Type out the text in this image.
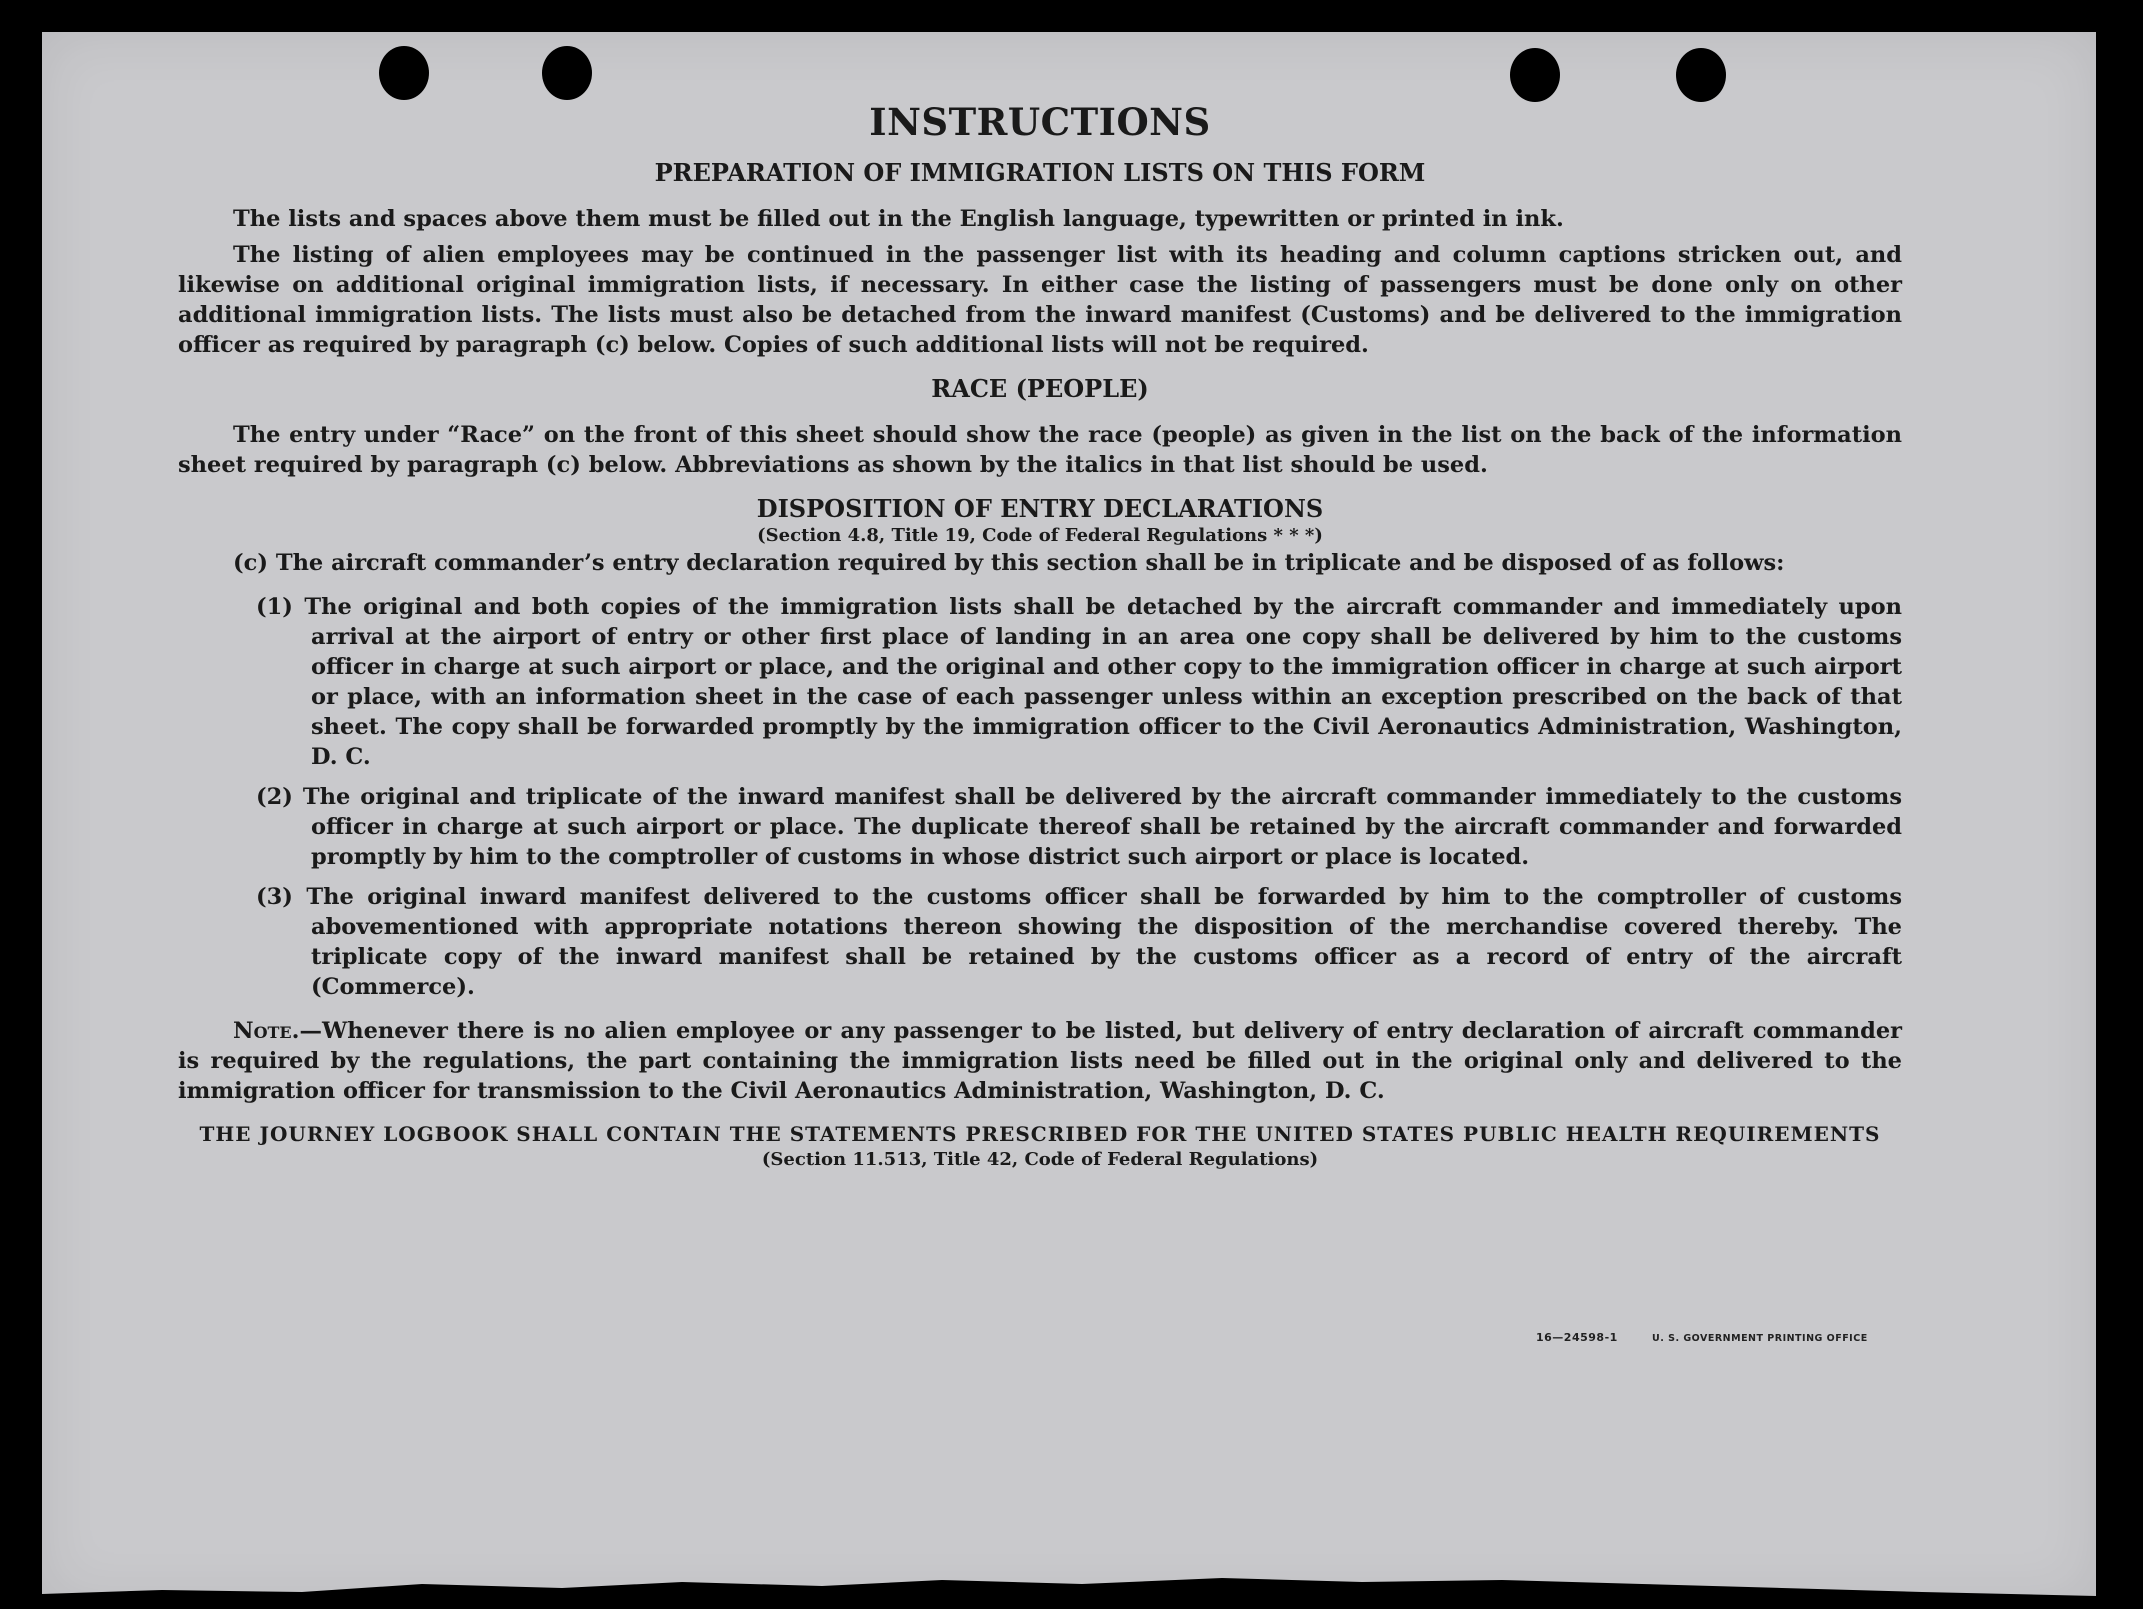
INSTRUCTIONS
PREPARATION OF IMMIGRATION LISTS ON THIS FORM

The lists and spaces above them must be filled out in the English language, typewritten or printed in ink.

The listing of alien employees may be continued in the passenger list with its heading and column captions stricken out, and likewise on additional original immigration lists, if necessary. In either case the listing of passengers must be done only on other additional immigration lists. The lists must also be detached from the inward manifest (Customs) and be delivered to the immigration officer as required by paragraph (c) below. Copies of such additional lists will not be required.

RACE (PEOPLE)

The entry under “Race” on the front of this sheet should show the race (people) as given in the list on the back of the information sheet required by paragraph (c) below. Abbreviations as shown by the italics in that list should be used.

DISPOSITION OF ENTRY DECLARATIONS
(Section 4.8, Title 19, Code of Federal Regulations * * *)
(c) The aircraft commander’s entry declaration required by this section shall be in triplicate and be disposed of as follows:
(1) The original and both copies of the immigration lists shall be detached by the aircraft commander and immediately upon arrival at the airport of entry or other first place of landing in an area one copy shall be delivered by him to the customs officer in charge at such airport or place, and the original and other copy to the immigration officer in charge at such airport or place, with an information sheet in the case of each passenger unless within an exception prescribed on the back of that sheet. The copy shall be forwarded promptly by the immigration officer to the Civil Aeronautics Administration, Washington, D. C.
(2) The original and triplicate of the inward manifest shall be delivered by the aircraft commander immediately to the customs officer in charge at such airport or place. The duplicate thereof shall be retained by the aircraft commander and forwarded promptly by him to the comptroller of customs in whose district such airport or place is located.
(3) The original inward manifest delivered to the customs officer shall be forwarded by him to the comptroller of customs abovementioned with appropriate notations thereon showing the disposition of the merchandise covered thereby. The triplicate copy of the inward manifest shall be retained by the customs officer as a record of entry of the aircraft (Commerce).

Note.—Whenever there is no alien employee or any passenger to be listed, but delivery of entry declaration of aircraft commander is required by the regulations, the part containing the immigration lists need be filled out in the original only and delivered to the immigration officer for transmission to the Civil Aeronautics Administration, Washington, D. C.

THE JOURNEY LOGBOOK SHALL CONTAIN THE STATEMENTS PRESCRIBED FOR THE UNITED STATES PUBLIC HEALTH REQUIREMENTS
(Section 11.513, Title 42, Code of Federal Regulations)
16—24598-1	U. S. GOVERNMENT PRINTING OFFICE
